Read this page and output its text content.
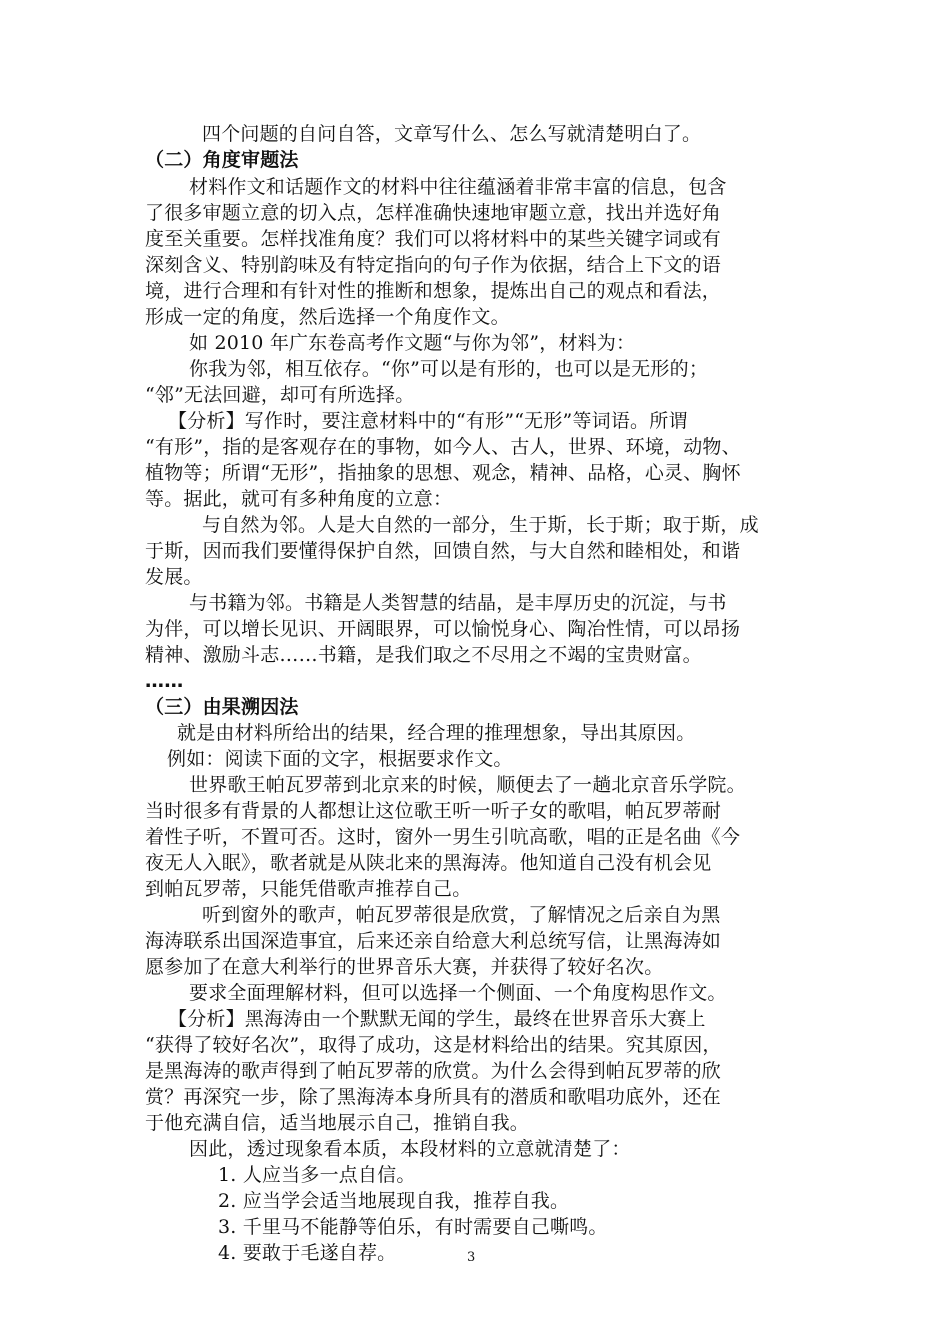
四个问题的自问自答，文章写什么、怎么写就清楚明白了。
（二）角度审题法
材料作文和话题作文的材料中往往蕴涵着非常丰富的信息，包含
了很多审题立意的切入点，怎样准确快速地审题立意，找出并选好角
度至关重要。怎样找准角度？我们可以将材料中的某些关键字词或有
深刻含义、特别韵味及有特定指向的句子作为依据，结合上下文的语
境，进行合理和有针对性的推断和想象，提炼出自己的观点和看法，
形成一定的角度，然后选择一个角度作文。
如 2010 年广东卷高考作文题“与你为邻”，材料为：
你我为邻，相互依存。“你”可以是有形的，也可以是无形的；
“邻”无法回避，却可有所选择。
【分析】写作时，要注意材料中的“有形”“无形”等词语。所谓
“有形”，指的是客观存在的事物，如今人、古人，世界、环境，动物、
植物等；所谓“无形”，指抽象的思想、观念，精神、品格，心灵、胸怀
等。据此，就可有多种角度的立意：
与自然为邻。人是大自然的一部分，生于斯，长于斯；取于斯，成
于斯，因而我们要懂得保护自然，回馈自然，与大自然和睦相处，和谐
发展。
与书籍为邻。书籍是人类智慧的结晶，是丰厚历史的沉淀，与书
为伴，可以增长见识、开阔眼界，可以愉悦身心、陶冶性情，可以昂扬
精神、激励斗志……书籍，是我们取之不尽用之不竭的宝贵财富。
……
（三）由果溯因法
就是由材料所给出的结果，经合理的推理想象，导出其原因。
例如：阅读下面的文字，根据要求作文。
世界歌王帕瓦罗蒂到北京来的时候，顺便去了一趟北京音乐学院。
当时很多有背景的人都想让这位歌王听一听子女的歌唱，帕瓦罗蒂耐
着性子听，不置可否。这时，窗外一男生引吭高歌，唱的正是名曲《今
夜无人入眠》，歌者就是从陕北来的黑海涛。他知道自己没有机会见
到帕瓦罗蒂，只能凭借歌声推荐自己。
听到窗外的歌声，帕瓦罗蒂很是欣赏，了解情况之后亲自为黑
海涛联系出国深造事宜，后来还亲自给意大利总统写信，让黑海涛如
愿参加了在意大利举行的世界音乐大赛，并获得了较好名次。
要求全面理解材料，但可以选择一个侧面、一个角度构思作文。
【分析】黑海涛由一个默默无闻的学生，最终在世界音乐大赛上
“获得了较好名次”，取得了成功，这是材料给出的结果。究其原因，
是黑海涛的歌声得到了帕瓦罗蒂的欣赏。为什么会得到帕瓦罗蒂的欣
赏？再深究一步，除了黑海涛本身所具有的潜质和歌唱功底外，还在
于他充满自信，适当地展示自己，推销自我。
因此，透过现象看本质，本段材料的立意就清楚了：
1. 人应当多一点自信。
2. 应当学会适当地展现自我，推荐自我。
3. 千里马不能静等伯乐，有时需要自己嘶鸣。
4. 要敢于毛遂自荐。	3
